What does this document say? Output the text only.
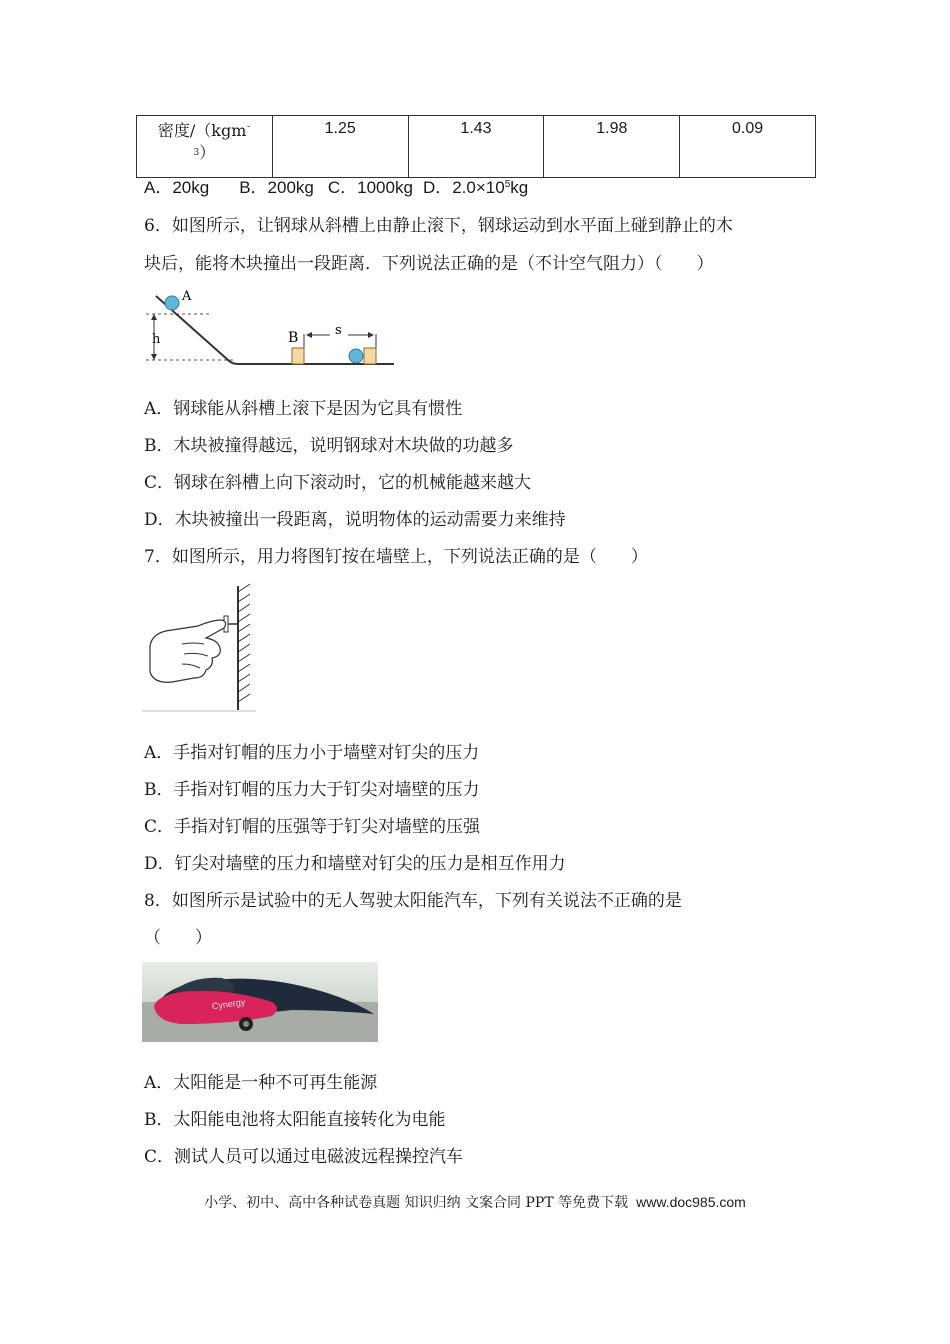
密度/（kgm$^ˉ$
$^3$）	1.25	1.43	1.98	0.09
A．20kg B．200kg C．1000kg D．$2.0\times 10^5kg$
6．如图所示，让钢球从斜槽上由静止滚下，钢球运动到水平面上碰到静止的木
块后，能将木块撞出一段距离．下列说法正确的是（不计空气阻力）（　　）
h
A
B	s
A．钢球能从斜槽上滚下是因为它具有惯性
B．木块被撞得越远，说明钢球对木块做的功越多
C．钢球在斜槽上向下滚动时，它的机械能越来越大
D．木块被撞出一段距离，说明物体的运动需要力来维持
7．如图所示，用力将图钉按在墙壁上，下列说法正确的是（　　）
A．手指对钉帽的压力小于墙壁对钉尖的压力
B．手指对钉帽的压力大于钉尖对墙壁的压力
C．手指对钉帽的压强等于钉尖对墙壁的压强
D．钉尖对墙壁的压力和墙壁对钉尖的压力是相互作用力
8．如图所示是试验中的无人驾驶太阳能汽车，下列有关说法不正确的是
（　　）
Cynergy
A．太阳能是一种不可再生能源
B．太阳能电池将太阳能直接转化为电能
C．测试人员可以通过电磁波远程操控汽车
小学、初中、高中各种试卷真题 知识归纳 文案合同 PPT 等免费下载 www.doc985.com
